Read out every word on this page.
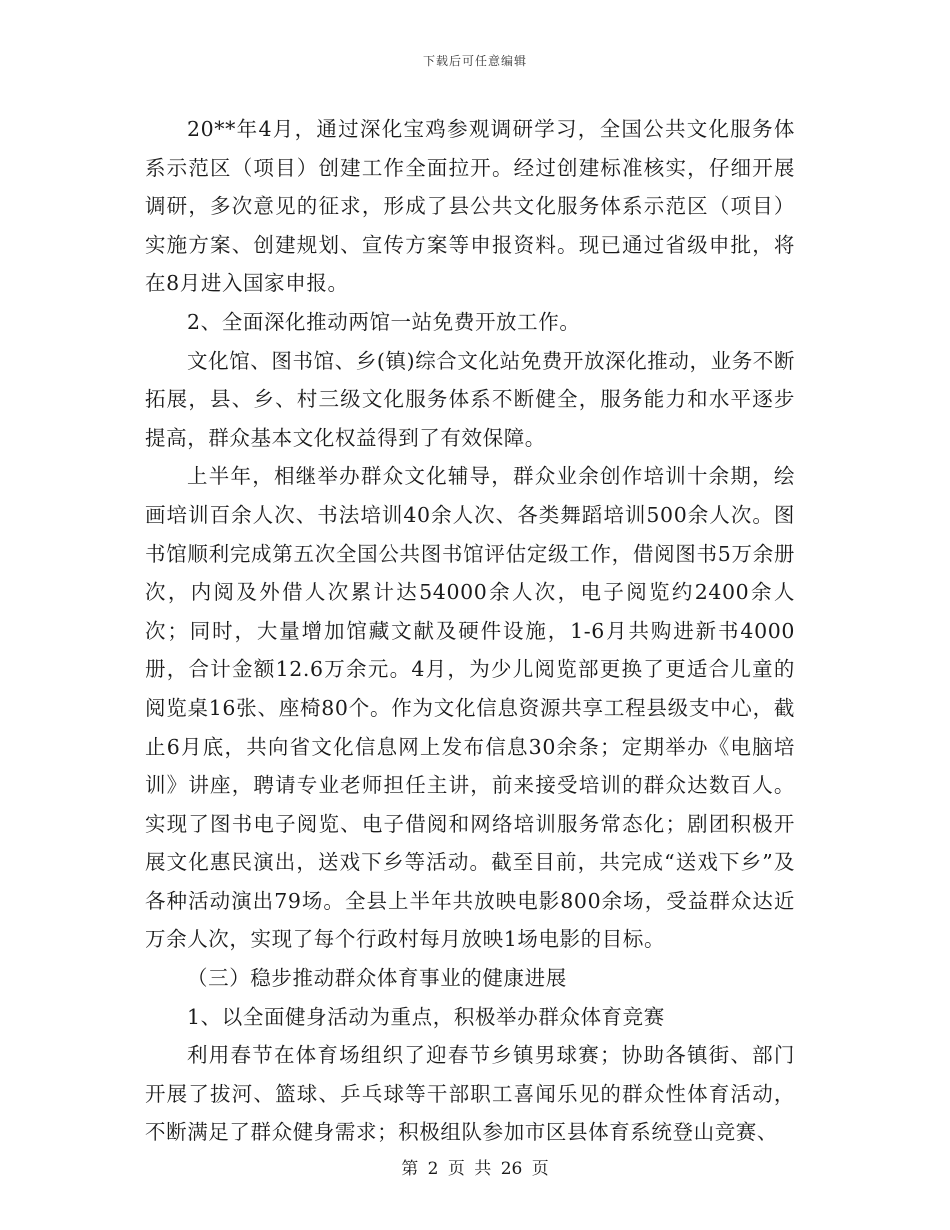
下载后可任意编辑

20**年4月，通过深化宝鸡参观调研学习，全国公共文化服务体系示范区（项目）创建工作全面拉开。经过创建标准核实，仔细开展调研，多次意见的征求，形成了县公共文化服务体系示范区（项目）实施方案、创建规划、宣传方案等申报资料。现已通过省级申批，将在8月进入国家申报。

2、全面深化推动两馆一站免费开放工作。

文化馆、图书馆、乡(镇)综合文化站免费开放深化推动，业务不断拓展，县、乡、村三级文化服务体系不断健全，服务能力和水平逐步提高，群众基本文化权益得到了有效保障。

上半年，相继举办群众文化辅导，群众业余创作培训十余期，绘画培训百余人次、书法培训40余人次、各类舞蹈培训500余人次。图书馆顺利完成第五次全国公共图书馆评估定级工作，借阅图书5万余册次，内阅及外借人次累计达54000余人次，电子阅览约2400余人次；同时，大量增加馆藏文献及硬件设施，1-6月共购进新书4000册，合计金额12.6万余元。4月，为少儿阅览部更换了更适合儿童的阅览桌16张、座椅80个。作为文化信息资源共享工程县级支中心，截止6月底，共向省文化信息网上发布信息30余条；定期举办《电脑培训》讲座，聘请专业老师担任主讲，前来接受培训的群众达数百人。实现了图书电子阅览、电子借阅和网络培训服务常态化；剧团积极开展文化惠民演出，送戏下乡等活动。截至目前，共完成“送戏下乡”及各种活动演出79场。全县上半年共放映电影800余场，受益群众达近万余人次，实现了每个行政村每月放映1场电影的目标。

（三）稳步推动群众体育事业的健康进展

1、以全面健身活动为重点，积极举办群众体育竞赛

利用春节在体育场组织了迎春节乡镇男球赛；协助各镇街、部门开展了拔河、篮球、乒乓球等干部职工喜闻乐见的群众性体育活动，不断满足了群众健身需求；积极组队参加市区县体育系统登山竞赛、

第 2 页 共 26 页
